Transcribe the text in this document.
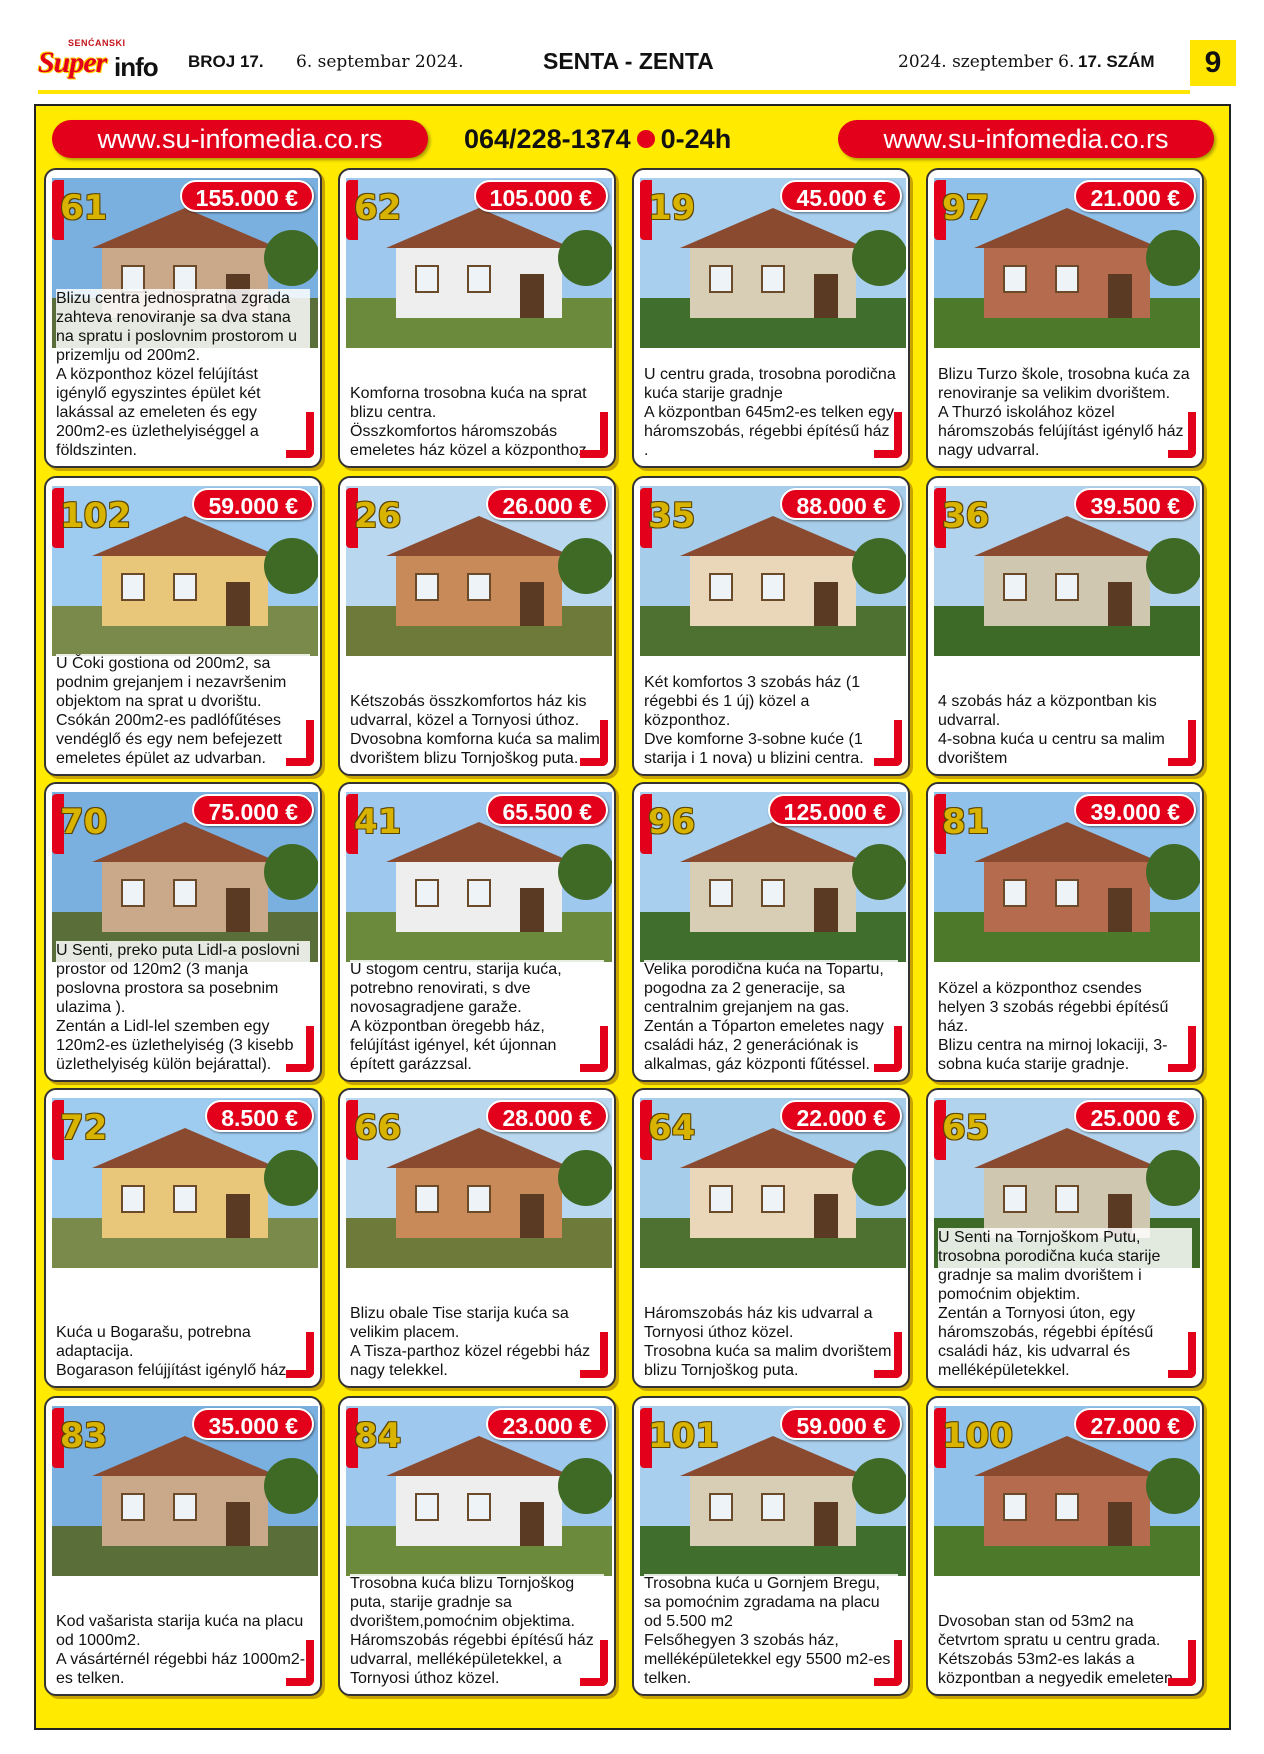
SENĆANSKI
Super info BROJ 17. 6. septembar 2024.	SENTA - ZENTA	2024. szeptember 6. 17. SZÁM	9
www.su-infomedia.co.rs	064/228-1374 0-24h	www.su-infomedia.co.rs
61	155.000 €
Blizu centra jednospratna zgrada zahteva renoviranje sa dva stana na spratu i poslovnim prostorom u prizemlju od 200m2.
A központhoz közel felújítást igénylő egyszintes épület két lakással az emeleten és egy 200m2-es üzlethelyiséggel a földszinten.
62	105.000 €
Komforna trosobna kuća na sprat blizu centra.
Összkomfortos háromszobás emeletes ház közel a központhoz.
19	45.000 €
U centru grada, trosobna porodična kuća starije gradnje
A központban 645m2-es telken egy háromszobás, régebbi építésű ház .
97	21.000 €
Blizu Turzo škole, trosobna kuća za renoviranje sa velikim dvorištem.
A Thurzó iskolához közel háromszobás felújítást igénylő ház nagy udvarral.
102	59.000 €
U Čoki gostiona od 200m2, sa podnim grejanjem i nezavršenim objektom na sprat u dvorištu.
Csókán 200m2-es padlófűtéses vendéglő és egy nem befejezett emeletes épület az udvarban.
26	26.000 €
Kétszobás összkomfortos ház kis udvarral, közel a Tornyosi úthoz.
Dvosobna komforna kuća sa malim dvorištem blizu Tornjoškog puta.
35	88.000 €
Két komfortos 3 szobás ház (1 régebbi és 1 új) közel a központhoz.
Dve komforne 3-sobne kuće (1 starija i 1 nova) u blizini centra.
36	39.500 €
4 szobás ház a központban kis udvarral.
4-sobna kuća u centru sa malim dvorištem
70	75.000 €
U Senti, preko puta Lidl-a poslovni prostor od 120m2 (3 manja poslovna prostora sa posebnim ulazima ).
Zentán a Lidl-lel szemben egy 120m2-es üzlethelyiség (3 kisebb üzlethelyiség külön bejárattal).
41	65.500 €
U stogom centru, starija kuća, potrebno renovirati, s dve novosagradjene garaže.
A központban öregebb ház, felújítást igényel, két újonnan épített garázzsal.
96	125.000 €
Velika porodična kuća na Topartu, pogodna za 2 generacije, sa centralnim grejanjem na gas.
Zentán a Tóparton emeletes nagy családi ház, 2 generációnak is alkalmas, gáz központi fűtéssel.
81	39.000 €
Közel a központhoz csendes helyen 3 szobás régebbi építésű ház.
Blizu centra na mirnoj lokaciji, 3-sobna kuća starije gradnje.
72	8.500 €
Kuća u Bogarašu, potrebna adaptacija.
Bogarason felújjítást igénylő ház.
66	28.000 €
Blizu obale Tise starija kuća sa velikim placem.
A Tisza-parthoz közel régebbi ház nagy telekkel.
64	22.000 €
Háromszobás ház kis udvarral a Tornyosi úthoz közel.
Trosobna kuća sa malim dvorištem blizu Tornjoškog puta.
65	25.000 €
U Senti na Tornjoškom Putu, trosobna porodična kuća starije gradnje sa malim dvorištem i pomoćnim objektim.
Zentán a Tornyosi úton, egy háromszobás, régebbi építésű családi ház, kis udvarral és melléképületekkel.
83	35.000 €
Kod vašarista starija kuća na placu od 1000m2.
A vásártérnél régebbi ház 1000m2-es telken.
84	23.000 €
Trosobna kuća blizu Tornjoškog puta, starije gradnje sa dvorištem,pomoćnim objektima.
Háromszobás régebbi építésű ház udvarral, melléképületekkel, a Tornyosi úthoz közel.
101	59.000 €
Trosobna kuća u Gornjem Bregu, sa pomoćnim zgradama na placu od 5.500 m2
Felsőhegyen 3 szobás ház, melléképületekkel egy 5500 m2-es telken.
100	27.000 €
Dvosoban stan od 53m2 na četvrtom spratu u centru grada.
Kétszobás 53m2-es lakás a központban a negyedik emeleten.
